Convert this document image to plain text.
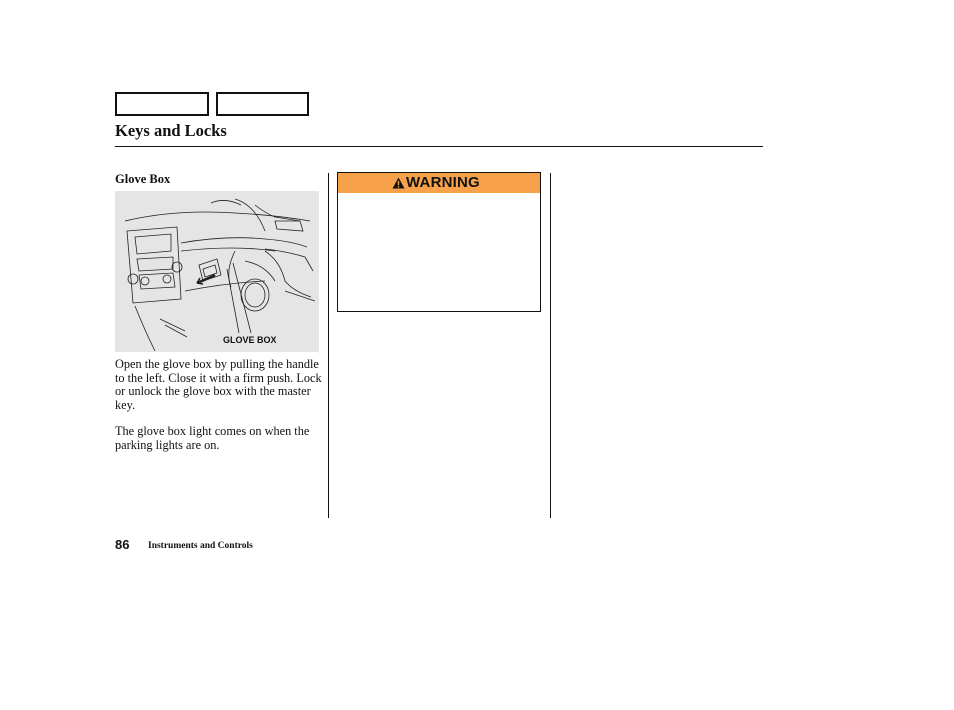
Keys and Locks
Glove Box
GLOVE BOX

Open the glove box by pulling the handle to the left. Close it with a firm push. Lock or unlock the glove box with the master key.

The glove box light comes on when the parking lights are on.

WARNING
86 Instruments and Controls
